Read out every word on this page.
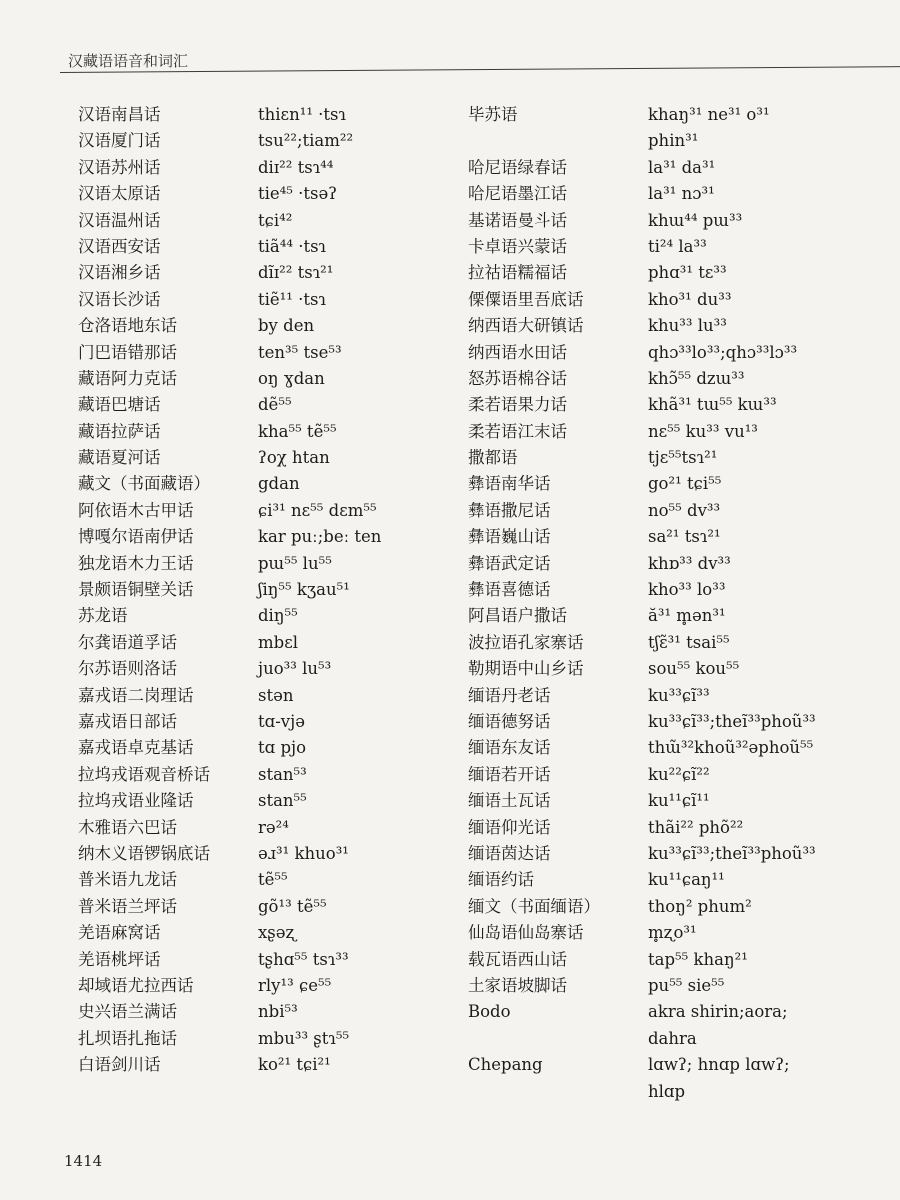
汉藏语语音和词汇
汉语南昌话	thiɛn¹¹ ·tsɿ
汉语厦门话	tsu²²;tiam²²
汉语苏州话	diɪ²² tsɿ⁴⁴
汉语太原话	tie⁴⁵ ·tsəʔ
汉语温州话	tɕi⁴²
汉语西安话	tiã⁴⁴ ·tsɿ
汉语湘乡话	dĩɪ²² tsɿ²¹
汉语长沙话	tiẽ¹¹ ·tsɿ
仓洛语地东话	by den
门巴语错那话	ten³⁵ tse⁵³
藏语阿力克话	oŋ ɣdan
藏语巴塘话	dẽ⁵⁵
藏语拉萨话	kha⁵⁵ tẽ⁵⁵
藏语夏河话	ʔoχ htan
藏文（书面藏语）	gdan
阿依语木古甲话	ɕi³¹ nɛ⁵⁵ dɛm⁵⁵
博嘎尔语南伊话	kar puː;beː ten
独龙语木力王话	pɯ⁵⁵ lu⁵⁵
景颇语铜壁关话	ʃiŋ⁵⁵ kʒau⁵¹
苏龙语	diŋ⁵⁵
尔龚语道孚话	mbɛl
尔苏语则洛话	juo³³ lu⁵³
嘉戎语二岗理话	stən
嘉戎语日部话	tɑ-vjə
嘉戎语卓克基话	tɑ pjo
拉坞戎语观音桥话	stan⁵³
拉坞戎语业隆话	stan⁵⁵
木雅语六巴话	rə²⁴
纳木义语锣锅底话	əɹ³¹ khuo³¹
普米语九龙话	tẽ⁵⁵
普米语兰坪话	gõ¹³ tẽ⁵⁵
羌语麻窝话	xʂəʐ
羌语桃坪话	tʂhɑ⁵⁵ tsɿ³³
却域语尤拉西话	rly¹³ ɕe⁵⁵
史兴语兰满话	nbi⁵³
扎坝语扎拖话	mbu³³ ʂtɿ⁵⁵
白语剑川话	ko²¹ tɕi²¹
毕苏语	khaŋ³¹ ne³¹ o³¹ phin³¹
哈尼语绿春话	la³¹ da³¹
哈尼语墨江话	la³¹ nɔ³¹
基诺语曼斗话	khɯ⁴⁴ pɯ³³
卡卓语兴蒙话	ti²⁴ la³³
拉祜语糯福话	phɑ³¹ tɛ³³
傈僳语里吾底话	kho³¹ du³³
纳西语大研镇话	khu³³ lu³³
纳西语水田话	qhɔ³³lo³³;qhɔ³³lɔ³³
怒苏语棉谷话	khɔ̃⁵⁵ dzɯ³³
柔若语果力话	khã³¹ tɯ⁵⁵ kɯ³³
柔若语江末话	nɛ⁵⁵ ku³³ vu¹³
撒都语	tjɛ⁵⁵tsɿ²¹
彝语南华话	go²¹ tɕi⁵⁵
彝语撒尼话	no⁵⁵ dv³³
彝语巍山话	sa²¹ tsɿ²¹
彝语武定话	khɒ³³ dv³³
彝语喜德话	kho³³ lo³³
阿昌语户撒话	ă³¹ m̥ən³¹
波拉语孔家寨话	tʃɛ̃³¹ tsai⁵⁵
勒期语中山乡话	sou⁵⁵ kou⁵⁵
缅语丹老话	ku³³ɕĩ³³
缅语德努话	ku³³ɕĩ³³;theĩ³³phoũ³³
缅语东友话	thɯ̃³²khoũ³²əphoũ⁵⁵
缅语若开话	ku²²ɕĩ²²
缅语土瓦话	ku¹¹ɕĩ¹¹
缅语仰光话	thãi²² phõ²²
缅语茵达话	ku³³ɕĩ³³;theĩ³³phoũ³³
缅语约话	ku¹¹ɕaŋ¹¹
缅文（书面缅语）	thoŋ² phum²
仙岛语仙岛寨话	m̥ʐo³¹
载瓦语西山话	tap⁵⁵ khaŋ²¹
土家语坡脚话	pu⁵⁵ sie⁵⁵
Bodo	akra shirin;aora; dahra
Chepang	lɑwʔ; hnɑp lɑwʔ; hlɑp
1414
